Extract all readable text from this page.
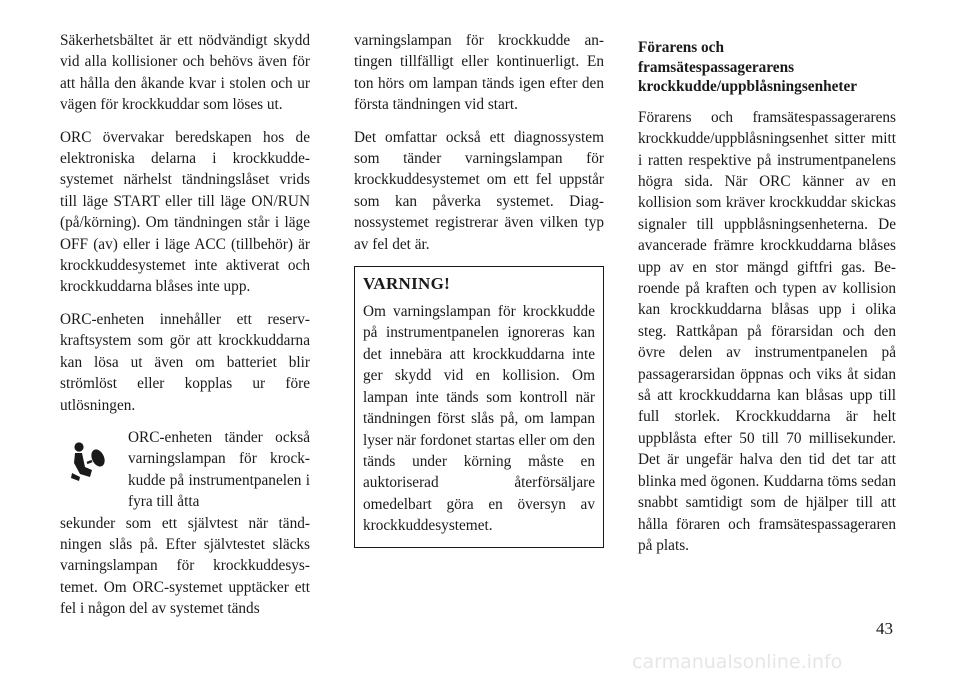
Säkerhetsbältet är ett nödvändigt skydd vid alla kollisioner och behövs även för att hålla den åkande kvar i stolen och ur vägen för krockkuddar som löses ut.

ORC övervakar beredskapen hos de elektroniska delarna i krockkuddesystemet närhelst tändningslåset vrids till läge START eller till läge ON/RUN (på/körning). Om tändningen står i läge OFF (av) eller i läge ACC (tillbehör) är krockkuddesystemet inte aktiverat och krockkuddarna blåses inte upp.

ORC-enheten innehåller ett reservkraftsystem som gör att krockkuddarna kan lösa ut även om batteriet blir strömlöst eller kopplas ur före utlösningen.

ORC-enheten tänder också varningslampan för krockkudde på instrumentpanelen i fyra till åtta

sekunder som ett självtest när tändningen slås på. Efter självtestet släcks varningslampan för krockkuddesystemet. Om ORC-systemet upptäcker ett fel i någon del av systemet tänds

varningslampan för krockkudde antingen tillfälligt eller kontinuerligt. En ton hörs om lampan tänds igen efter den första tändningen vid start.

Det omfattar också ett diagnossystem som tänder varningslampan för krockkuddesystemet om ett fel uppstår som kan påverka systemet. Diagnossystemet registrerar även vilken typ av fel det är.

VARNING!

Om varningslampan för krockkudde på instrumentpanelen ignoreras kan det innebära att krockkuddarna inte ger skydd vid en kollision. Om lampan inte tänds som kontroll när tändningen först slås på, om lampan lyser när fordonet startas eller om den tänds under körning måste en auktoriserad återförsäljare omedelbart göra en översyn av krockkuddesystemet.

Förarens och
framsätespassagerarens
krockkudde/uppblåsningsenheter

Förarens och framsätespassagerarens krockkudde/uppblåsningsenhet sitter mitt i ratten respektive på instrumentpanelens högra sida. När ORC känner av en kollision som kräver krockkuddar skickas signaler till uppblåsningsenheterna. De avancerade främre krockkuddarna blåses upp av en stor mängd giftfri gas. Beroende på kraften och typen av kollision kan krockkuddarna blåsas upp i olika steg. Rattkåpan på förarsidan och den övre delen av instrumentpanelen på passagerarsidan öppnas och viks åt sidan så att krockkuddarna kan blåsas upp till full storlek. Krockkuddarna är helt uppblåsta efter 50 till 70 millisekunder. Det är ungefär halva den tid det tar att blinka med ögonen. Kuddarna töms sedan snabbt samtidigt som de hjälper till att hålla föraren och framsätespassageraren på plats.

43
carmanualsonline.info
